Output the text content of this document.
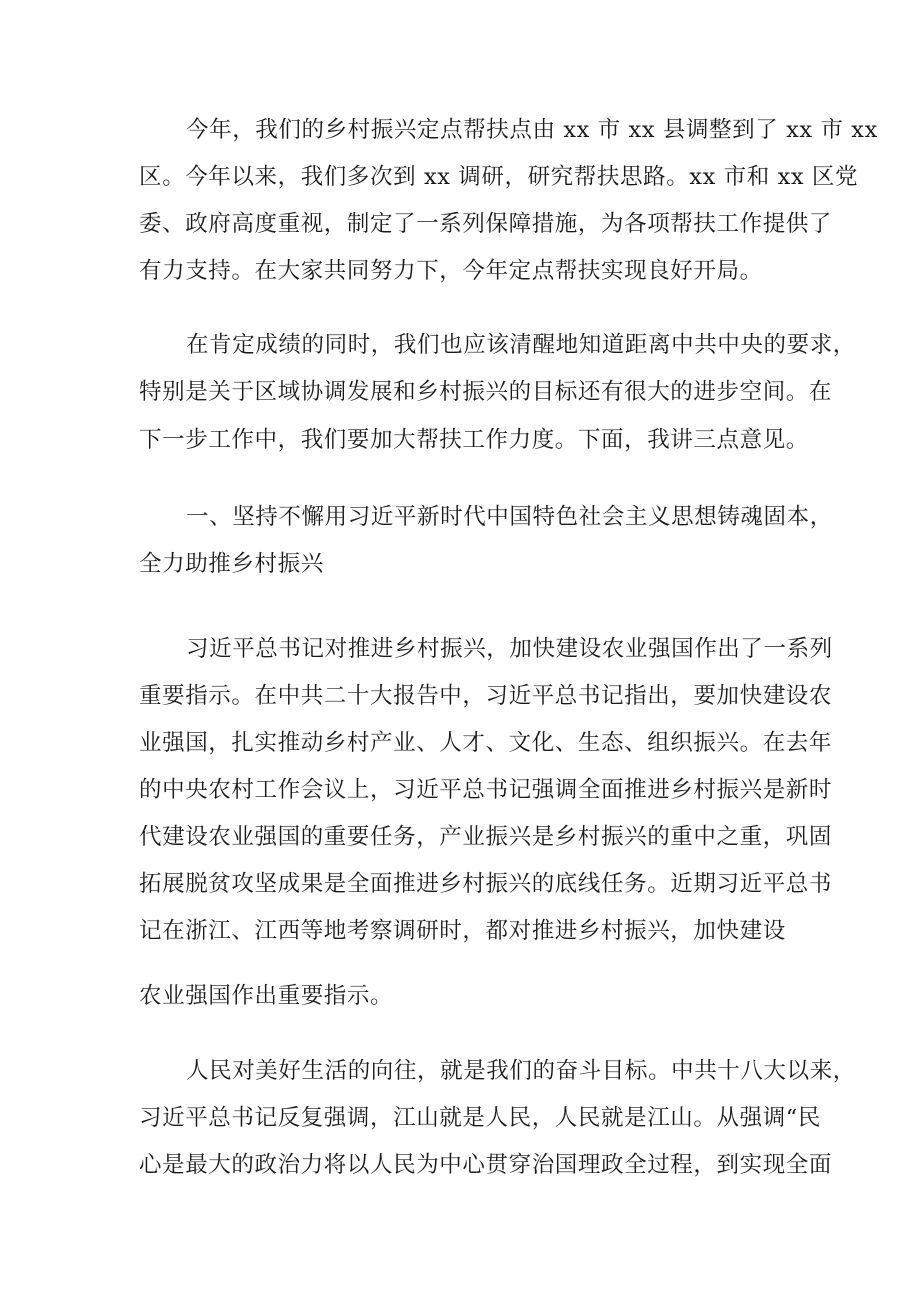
今年，我们的乡村振兴定点帮扶点由 xx 市 xx 县调整到了 xx 市 xx
区。今年以来，我们多次到 xx 调研，研究帮扶思路。xx 市和 xx 区党
委、政府高度重视，制定了一系列保障措施，为各项帮扶工作提供了
有力支持。在大家共同努力下，今年定点帮扶实现良好开局。
在肯定成绩的同时，我们也应该清醒地知道距离中共中央的要求，
特别是关于区域协调发展和乡村振兴的目标还有很大的进步空间。在
下一步工作中，我们要加大帮扶工作力度。下面，我讲三点意见。
一、坚持不懈用习近平新时代中国特色社会主义思想铸魂固本，
全力助推乡村振兴
习近平总书记对推进乡村振兴，加快建设农业强国作出了一系列
重要指示。在中共二十大报告中，习近平总书记指出，要加快建设农
业强国，扎实推动乡村产业、人才、文化、生态、组织振兴。在去年
的中央农村工作会议上，习近平总书记强调全面推进乡村振兴是新时
代建设农业强国的重要任务，产业振兴是乡村振兴的重中之重，巩固
拓展脱贫攻坚成果是全面推进乡村振兴的底线任务。近期习近平总书
记在浙江、江西等地考察调研时，都对推进乡村振兴，加快建设
农业强国作出重要指示。
人民对美好生活的向往，就是我们的奋斗目标。中共十八大以来，
习近平总书记反复强调，江山就是人民，人民就是江山。从强调“民
心是最大的政治力将以人民为中心贯穿治国理政全过程，到实现全面
